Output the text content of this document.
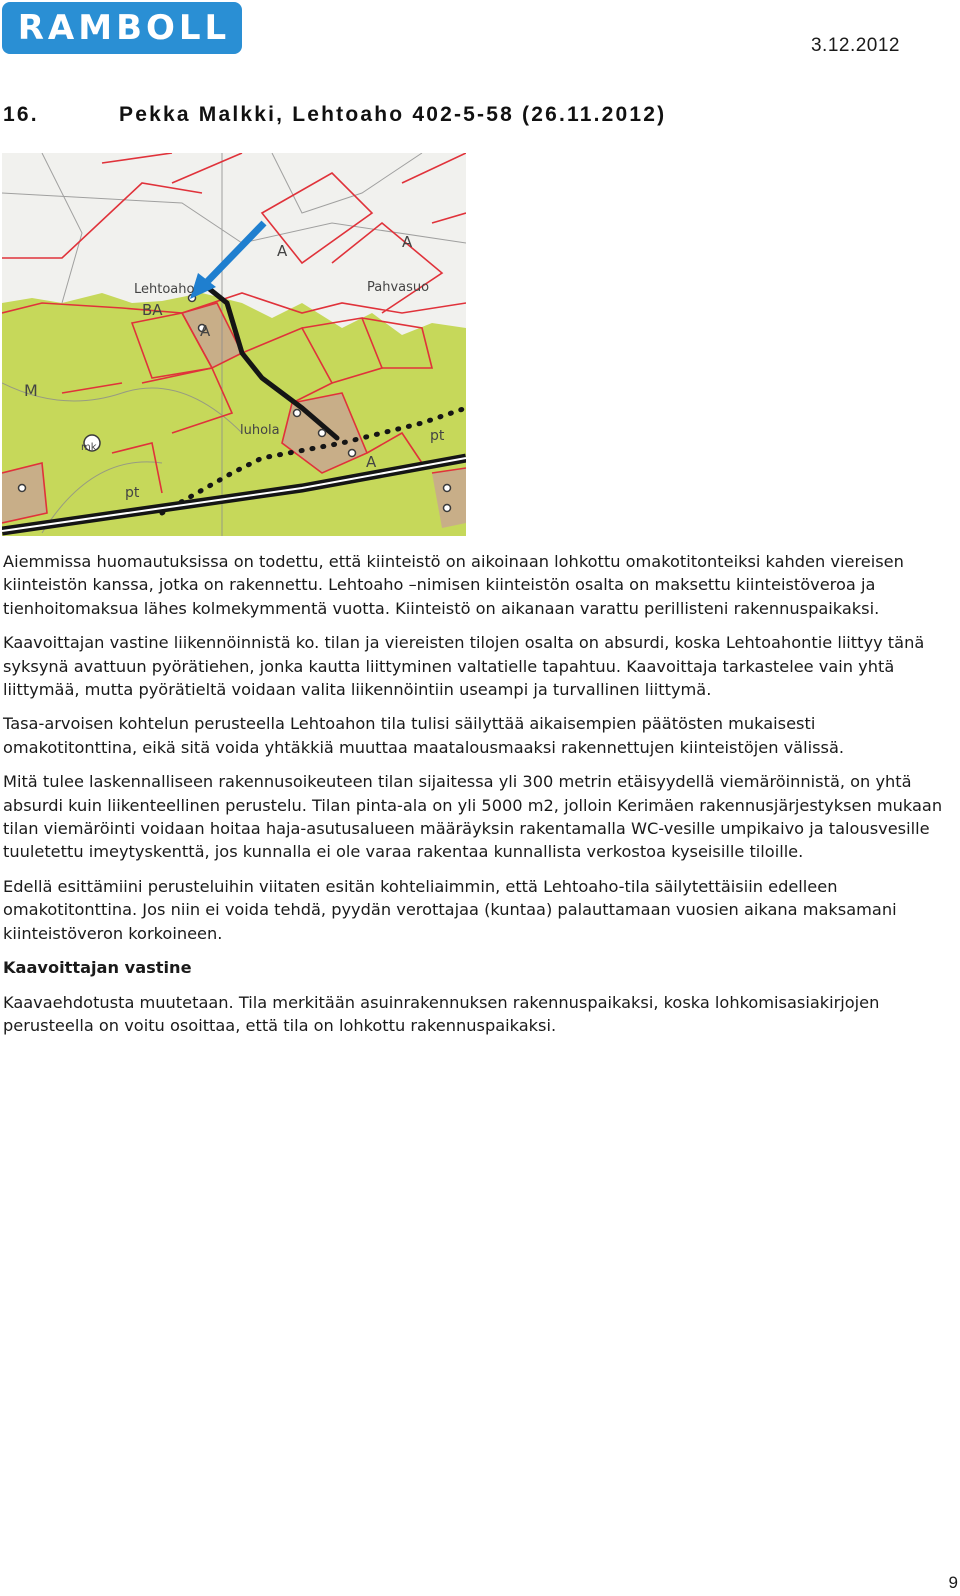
RAMBOLL	3.12.2012
16.	Pekka Malkki, Lehtoaho 402-5-58 (26.11.2012)
Lehtoaho
BA
A
A
Pahvasuo
A
M
mk
pt
pt
luhola
A

Aiemmissa huomautuksissa on todettu, että kiinteistö on aikoinaan lohkottu omakotitonteiksi kahden viereisen kiinteistön kanssa, jotka on rakennettu. Lehtoaho –nimisen kiinteistön osalta on maksettu kiinteistöveroa ja tienhoitomaksua lähes kolmekymmentä vuotta. Kiinteistö on aikanaan varattu perillisteni rakennuspaikaksi.

Kaavoittajan vastine liikennöinnistä ko. tilan ja viereisten tilojen osalta on absurdi, koska Lehtoahontie liittyy tänä syksynä avattuun pyörätiehen, jonka kautta liittyminen valtatielle tapahtuu. Kaavoittaja tarkastelee vain yhtä liittymää, mutta pyörätieltä voidaan valita liikennöintiin useampi ja turvallinen liittymä.

Tasa-arvoisen kohtelun perusteella Lehtoahon tila tulisi säilyttää aikaisempien päätösten mukaisesti omakotitonttina, eikä sitä voida yhtäkkiä muuttaa maatalousmaaksi rakennettujen kiinteistöjen välissä.

Mitä tulee laskennalliseen rakennusoikeuteen tilan sijaitessa yli 300 metrin etäisyydellä viemäröinnistä, on yhtä absurdi kuin liikenteellinen perustelu. Tilan pinta-ala on yli 5000 m2, jolloin Kerimäen rakennusjärjestyksen mukaan tilan viemäröinti voidaan hoitaa haja-asutusalueen määräyksin rakentamalla WC-vesille umpikaivo ja talousvesille tuuletettu imeytyskenttä, jos kunnalla ei ole varaa rakentaa kunnallista verkostoa kyseisille tiloille.

Edellä esittämiini perusteluihin viitaten esitän kohteliaimmin, että Lehtoaho-tila säilytettäisiin edelleen omakotitonttina. Jos niin ei voida tehdä, pyydän verottajaa (kuntaa) palauttamaan vuosien aikana maksamani kiinteistöveron korkoineen.

Kaavoittajan vastine

Kaavaehdotusta muutetaan. Tila merkitään asuinrakennuksen rakennuspaikaksi, koska lohkomisasiakirjojen perusteella on voitu osoittaa, että tila on lohkottu rakennuspaikaksi.

9
